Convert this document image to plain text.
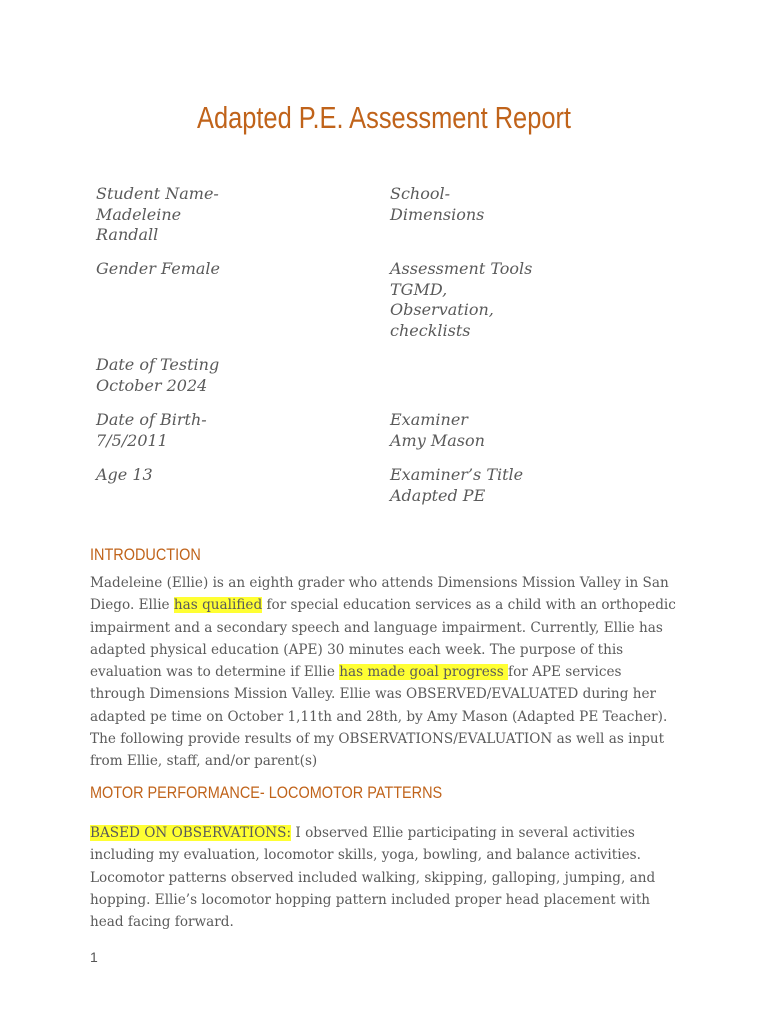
Adapted P.E. Assessment Report
Student Name-
Madeleine
Randall
School-
Dimensions
Gender Female	Assessment Tools
TGMD,
Observation,
checklists
Date of Testing
October 2024
Date of Birth-
7/5/2011
Examiner
Amy Mason
Age 13	Examiner’s Title
Adapted PE
INTRODUCTION
Madeleine (Ellie) is an eighth grader who attends Dimensions Mission Valley in San Diego. Ellie has qualified for special education services as a child with an orthopedic impairment and a secondary speech and language impairment. Currently, Ellie has adapted physical education (APE) 30 minutes each week. The purpose of this evaluation was to determine if Ellie has made goal progress for APE services through Dimensions Mission Valley. Ellie was OBSERVED/EVALUATED during her adapted pe time on October 1,11th and 28th, by Amy Mason (Adapted PE Teacher). The following provide results of my OBSERVATIONS/EVALUATION as well as input from Ellie, staff, and/or parent(s)
MOTOR PERFORMANCE- LOCOMOTOR PATTERNS
BASED ON OBSERVATIONS: I observed Ellie participating in several activities including my evaluation, locomotor skills, yoga, bowling, and balance activities. Locomotor patterns observed included walking, skipping, galloping, jumping, and hopping. Ellie’s locomotor hopping pattern included proper head placement with head facing forward.
1
